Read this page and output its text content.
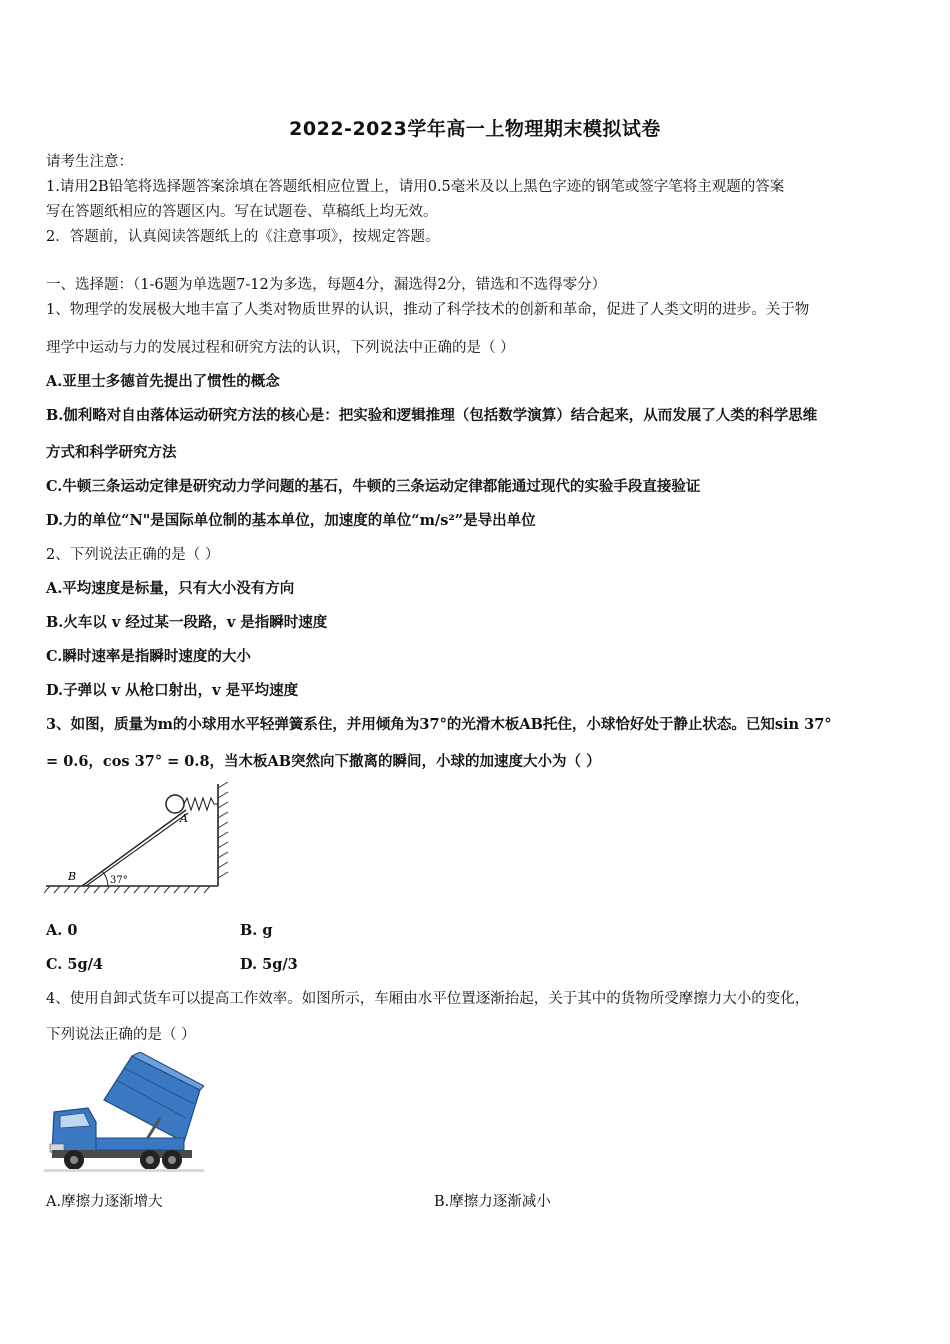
2022-2023学年高一上物理期末模拟试卷
请考生注意：
1.请用2B铅笔将选择题答案涂填在答题纸相应位置上，请用0.5毫米及以上黑色字迹的钢笔或签字笔将主观题的答案
写在答题纸相应的答题区内。写在试题卷、草稿纸上均无效。
2．答题前，认真阅读答题纸上的《注意事项》，按规定答题。
一、选择题：（1-6题为单选题7-12为多选，每题4分，漏选得2分，错选和不选得零分）
1、物理学的发展极大地丰富了人类对物质世界的认识，推动了科学技术的创新和革命，促进了人类文明的进步。关于物
理学中运动与力的发展过程和研究方法的认识，下列说法中正确的是（ ）
A.亚里士多德首先提出了惯性的概念
B.伽利略对自由落体运动研究方法的核心是：把实验和逻辑推理（包括数学演算）结合起来，从而发展了人类的科学思维
方式和科学研究方法
C.牛顿三条运动定律是研究动力学问题的基石，牛顿的三条运动定律都能通过现代的实验手段直接验证
D.力的单位“N"是国际单位制的基本单位，加速度的单位“m/s²”是导出单位
2、下列说法正确的是（ ）
A.平均速度是标量，只有大小没有方向
B.火车以 v 经过某一段路，v 是指瞬时速度
C.瞬时速率是指瞬时速度的大小
D.子弹以 v 从枪口射出，v 是平均速度
3、如图，质量为m的小球用水平轻弹簧系住，并用倾角为37°的光滑木板AB托住，小球恰好处于静止状态。已知sin 37°
= 0.6，cos 37° = 0.8，当木板AB突然向下撤离的瞬间，小球的加速度大小为（ ）
A
B	37°
A. 0	B. g
C. 5g/4	D. 5g/3
4、使用自卸式货车可以提高工作效率。如图所示，车厢由水平位置逐渐抬起，关于其中的货物所受摩擦力大小的变化，
下列说法正确的是（ ）
A.摩擦力逐渐增大	B.摩擦力逐渐减小
